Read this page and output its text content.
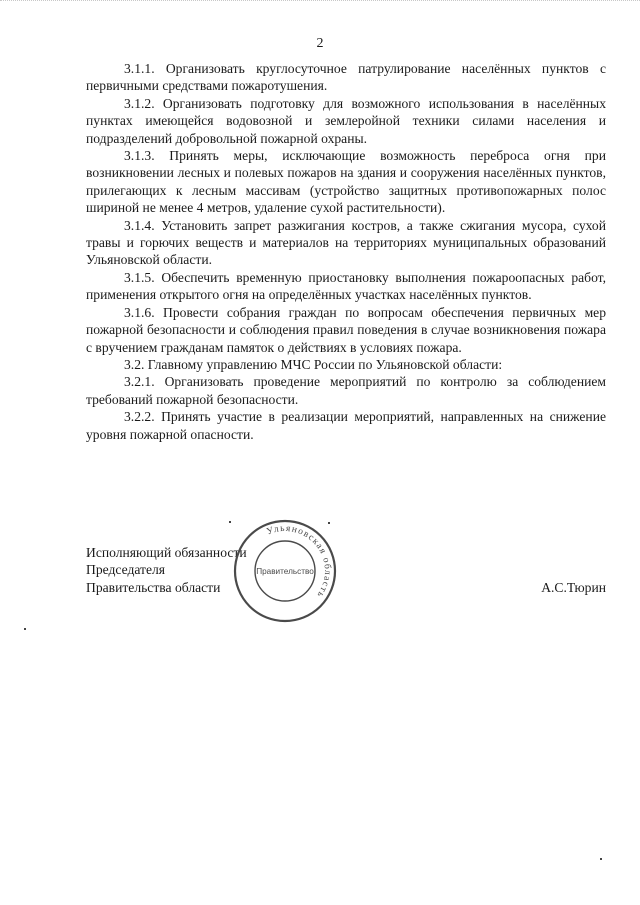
2

3.1.1. Организовать круглосуточное патрулирование населённых пунктов с первичными средствами пожаротушения.

3.1.2. Организовать подготовку для возможного использования в населённых пунктах имеющейся водовозной и землеройной техники силами населения и подразделений добровольной пожарной охраны.

3.1.3. Принять меры, исключающие возможность переброса огня при возникновении лесных и полевых пожаров на здания и сооружения населённых пунктов, прилегающих к лесным массивам (устройство защитных противопожарных полос шириной не менее 4 метров, удаление сухой растительности).

3.1.4. Установить запрет разжигания костров, а также сжигания мусора, сухой травы и горючих веществ и материалов на территориях муниципальных образований Ульяновской области.

3.1.5. Обеспечить временную приостановку выполнения пожароопасных работ, применения открытого огня на определённых участках населённых пунктов.

3.1.6. Провести собрания граждан по вопросам обеспечения первичных мер пожарной безопасности и соблюдения правил поведения в случае возникновения пожара с вручением гражданам памяток о действиях в условиях пожара.

3.2. Главному управлению МЧС России по Ульяновской области:

3.2.1. Организовать проведение мероприятий по контролю за соблюдением требований пожарной безопасности.

3.2.2. Принять участие в реализации мероприятий, направленных на снижение уровня пожарной опасности.

Исполняющий обязанности

Председателя

Правительства области	А.С.Тюрин

Ульяновская область
Правительство
